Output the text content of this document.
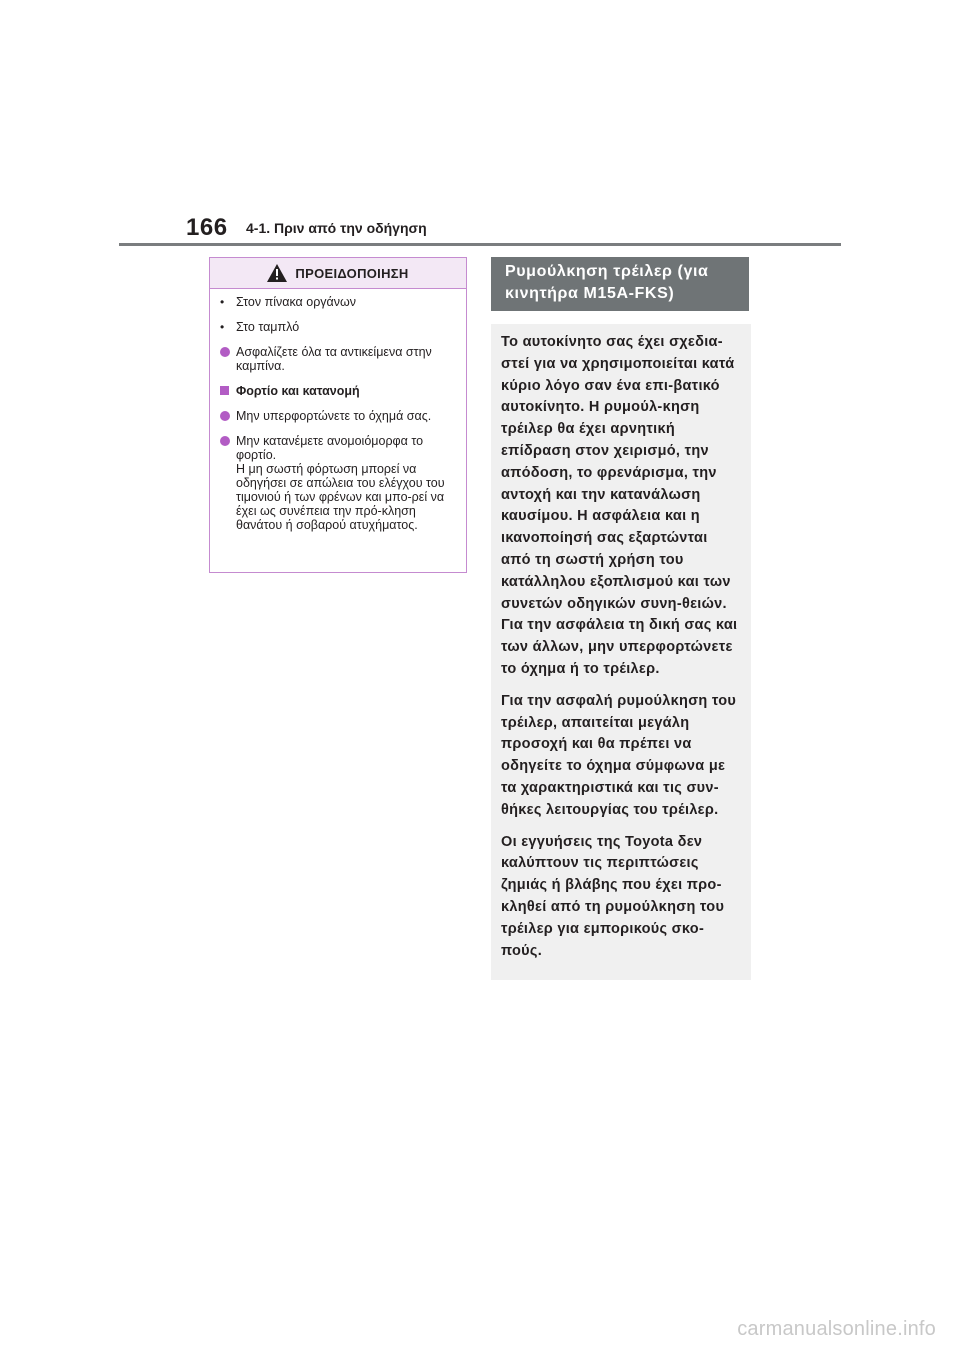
166 4-1. Πριν από την οδήγηση
ΠΡΟΕΙΔΟΠΟΙΗΣΗ
•
Στον πίνακα οργάνων
•
Στο ταμπλό
Ασφαλίζετε όλα τα αντικείμενα στην καμπίνα.
Φορτίο και κατανομή
Μην υπερφορτώνετε το όχημά σας.
Μην κατανέμετε ανομοιόμορφα το φορτίο.
Η μη σωστή φόρτωση μπορεί να οδηγήσει σε απώλεια του ελέγχου του τιμονιού ή των φρένων και μπο-ρεί να έχει ως συνέπεια την πρό-κληση θανάτου ή σοβαρού ατυχήματος.
Ρυμούλκηση τρέιλερ (για κινητήρα M15A-FKS)

Το αυτοκίνητο σας έχει σχεδια-στεί για να χρησιμοποιείται κατά κύριο λόγο σαν ένα επι-βατικό αυτοκίνητο. Η ρυμούλ-κηση τρέιλερ θα έχει αρνητική επίδραση στον χειρισμό, την απόδοση, το φρενάρισμα, την αντοχή και την κατανάλωση καυσίμου. Η ασφάλεια και η ικανοποίησή σας εξαρτώνται από τη σωστή χρήση του κατάλληλου εξοπλισμού και των συνετών οδηγικών συνη-θειών. Για την ασφάλεια τη δική σας και των άλλων, μην υπερφορτώνετε το όχημα ή το τρέιλερ.

Για την ασφαλή ρυμούλκηση του τρέιλερ, απαιτείται μεγάλη προσοχή και θα πρέπει να οδηγείτε το όχημα σύμφωνα με τα χαρακτηριστικά και τις συν-θήκες λειτουργίας του τρέιλερ.

Οι εγγυήσεις της Toyota δεν καλύπτουν τις περιπτώσεις ζημιάς ή βλάβης που έχει προ-κληθεί από τη ρυμούλκηση του τρέιλερ για εμπορικούς σκο-πούς.

carmanualsonline.info
